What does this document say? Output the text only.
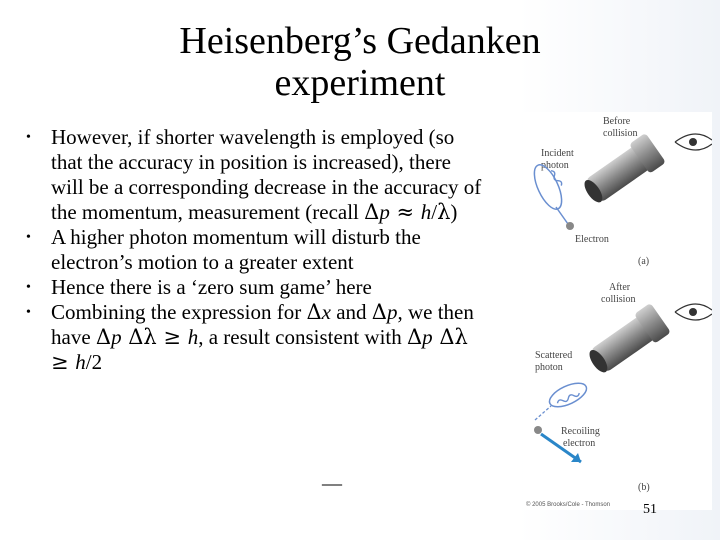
Heisenberg’s Gedanken
experiment
• However, if shorter wavelength is employed (so that the accuracy in position is increased), there will be a corresponding decrease in the accuracy of the momentum, measurement (recall Δp ≈ h/λ)
• A higher photon momentum will disturb the electron’s motion to a greater extent
• Hence there is a ‘zero sum game’ here
• Combining the expression for Δx and Δp, we then have Δp Δλ ≥ h, a result consistent with Δp Δλ ≥ h/2
__
Before
collision
Incident
photon
Electron
(a)
After
collision
Scattered
photon
Recoiling
electron
(b)
© 2005 Brooks/Cole - Thomson	51
